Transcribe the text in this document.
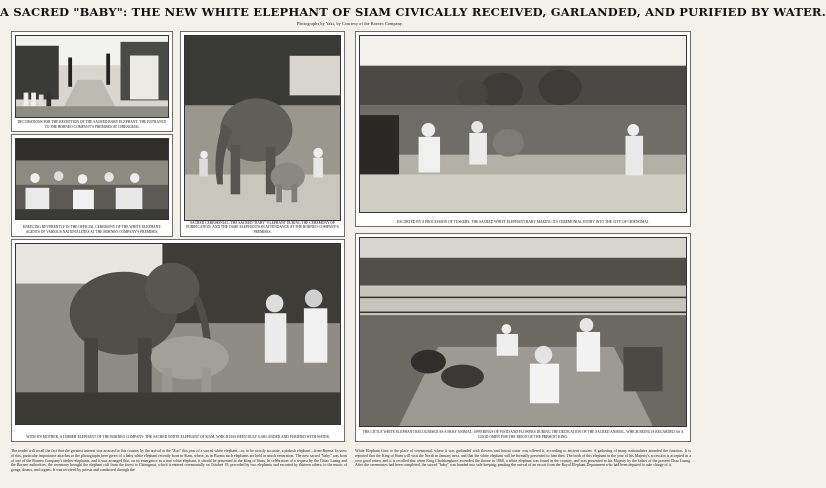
A SACRED "BABY": THE NEW WHITE ELEPHANT OF SIAM CIVICALLY RECEIVED, GARLANDED, AND PURIFIED BY WATER.
Photographs by Yaki, by Courtesy of the Borneo Company.
DECORATIONS FOR THE RECEPTION OF THE SACRED BABY ELEPHANT: THE ENTRANCE TO THE BORNEO COMPANY'S PREMISES AT CHIENGMAI.
KNEELING REVERENTLY IN THE OFFICIAL CEREMONY OF THE WHITE ELEPHANT: AGENTS OF VARIOUS NATIONALITIES AT THE BORNEO COMPANY'S PREMISES.
SACRED CEREMONIAL: THE SACRED "BABY" ELEPHANT DURING THE CEREMONY OF PURIFICATION, AND THE TAME ELEPHANTS IN ATTENDANCE AT THE BORNEO COMPANY'S PREMISES.
ESCORTED BY A PROCESSION OF TUSKERS: THE SACRED WHITE ELEPHANT BABY MAKING ITS CEREMONIAL ENTRY INTO THE CITY OF CHIENGMAI.
WITH ITS MOTHER, A TIMBER-ELEPHANT OF THE BORNEO COMPANY: THE SACRED WHITE ELEPHANT OF SIAM, WHICH HAS BEEN DULY GARLANDED AND PURIFIED WITH WATER.
THE LITTLE WHITE ELEPHANT RECOGNISED AS A HOLY ANIMAL: OFFERINGS OF FOOD AND FLOWERS DURING THE DEDICATION OF THE SACRED ANIMAL, WHICH BEING IS REGARDED AS A GOOD OMEN FOR THE REIGN OF THE PRESENT KING.
The reader will recall the fact that the greatest interest was aroused in this country by the arrival at the "Zoo" this year of a sacred white elephant—or, to be strictly accurate, a pinkish elephant—from Burma. In view of this, particular importance attaches to the photographs here given of a baby white elephant recently born in Siam, where, as in Burma such elephants are held in much veneration. The new sacred "baby" was born of one of the Borneo Company's timber-elephants, and it was arranged that, on its emergence as a true white elephant, it should be presented to the King of Siam. In celebration of a request by the Chiao Luang and the Borneo authorities, the ceremony brought the elephant calf from the forest to Chiengmai, which it entered ceremonially on October 19, preceded by two elephants and escorted by thirteen others, to the music of gongs, drums, and organs. It was received by priests and conducted through the
White Elephant Gate to the place of ceremonial, where it was garlanded with flowers and lustral water was offered it, according to ancient custom. A gathering of many nationalities attended the function. It is reported that the King of Siam will visit the North in January next, and that the white elephant will be formally presented to him then. The birth of this elephant in the year of his Majesty's accession is accepted as a very good omen, and it is recalled that when King Chulalongkorn ascended the throne in 1868, a white elephant was found in the country, and was presented to his Majesty by the father of the present Chao Luang. After the ceremonies had been completed, the sacred "baby" was handed into safe keeping, pending the arrival of an escort from the Royal Elephant Department who had been deputed to take charge of it.
